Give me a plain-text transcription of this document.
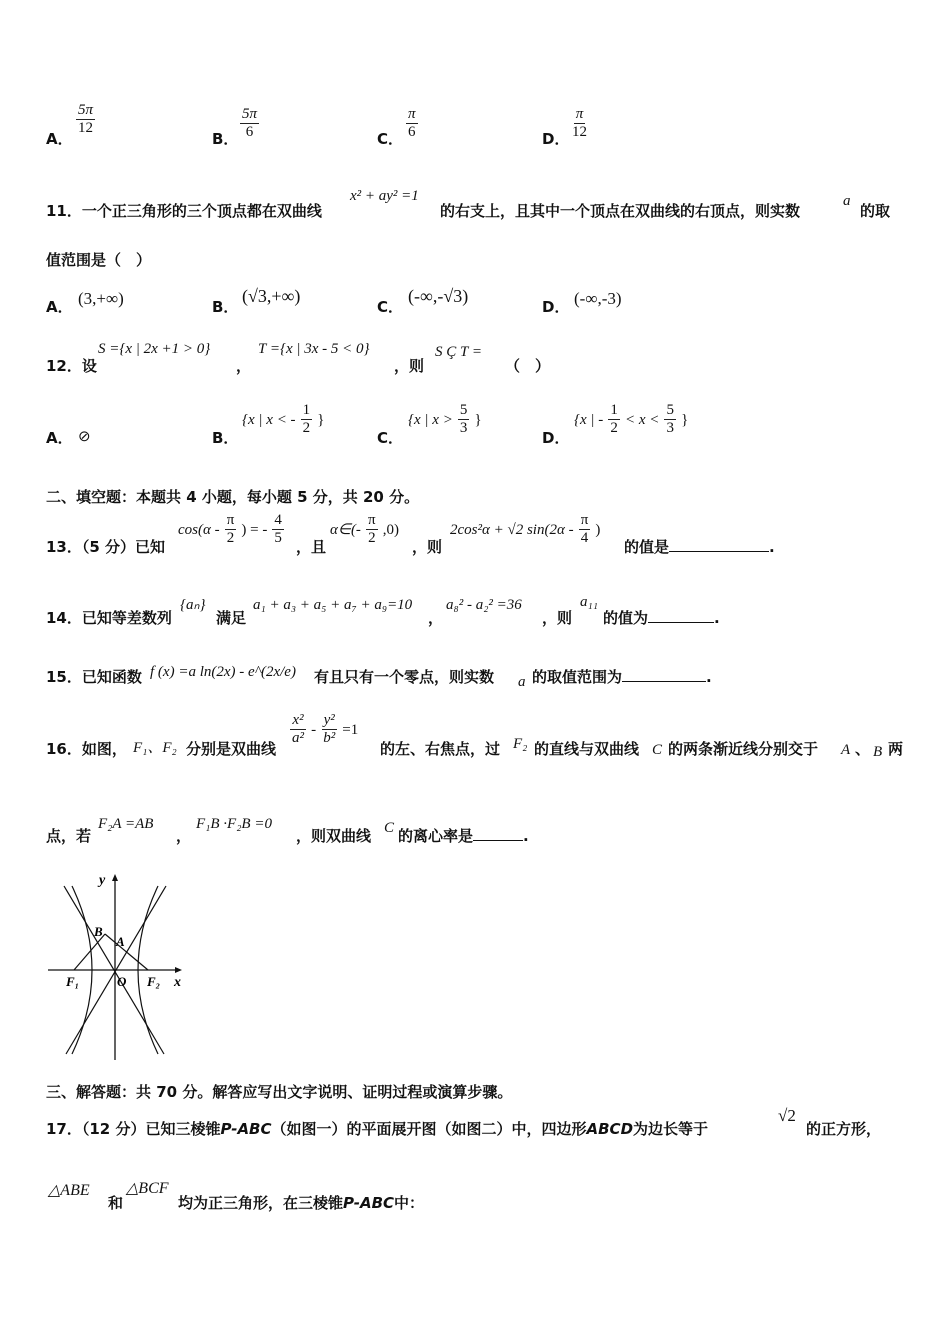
A．
$\frac{5\pi}{12}$
B． $\frac{5\pi}{6}$	C． $\frac{\pi}{6}$	D． $\frac{\pi}{12}$
11．一个正三角形的三个顶点都在双曲线
x² + ay² =1
的右支上，且其中一个顶点在双曲线的右顶点，则实数
a
的取
值范围是（　）
A． (3,+∞)	B．
(√3,+∞)
C．
(-∞,-√3)
D． (-∞,-3)
12．设
S ={x | 2x +1 > 0}
，
T ={x | 3x - 5 < 0}
，则
S Ç T =
（　）
A． ⊘	B．
{x | x < - $\frac{1}{2}$ }
C．
{x | $x > \frac{5}{3}$ }
D．
{x | - $\frac{1}{2} < x < \frac{5}{3}$ }
二、填空题：本题共 4 小题，每小题 5 分，共 20 分。
13．（5 分）已知
$\cos(\alpha - \frac{\pi}{2}$ ) = - $\frac{4}{5}$ ，且
α∈(- $\frac{\pi}{2} ,0$)
，则
2cos²α + √2 $\sin(2\alpha - \frac{\pi}{4}$ )
的值是	.
14．已知等差数列
{aₙ}
满足
a₁ + a₃ + a₅ + a₇ + a₉=10
，
a₈² - a₂² =36
，则
a₁₁
的值为	.
15．已知函数 f (x) =a ln(2x) - e^(2x/e) 有且只有一个零点，则实数 a 的取值范围为	.
16．如图， F₁、F₂ 分别是双曲线
$\frac{\text{x²}}{\text{a²}} - \frac{\text{y²}}{\text{b²}} =1$
的左、右焦点，过 F₂ 的直线与双曲线 C 的两条渐近线分别交于 A 、 B 两
点，若
F₂A =AB
，
F₁B ·F₂B =0
，则双曲线 C 的离心率是	.
y
x
B
A
F₁	O F₂
三、解答题：共 70 分。解答应写出文字说明、证明过程或演算步骤。
17．（12 分）已知三棱锥P-ABC（如图一）的平面展开图（如图二）中，四边形ABCD为边长等于
√2
的正方形，
△ABE
和
△BCF
均为正三角形，在三棱锥P-ABC中：
